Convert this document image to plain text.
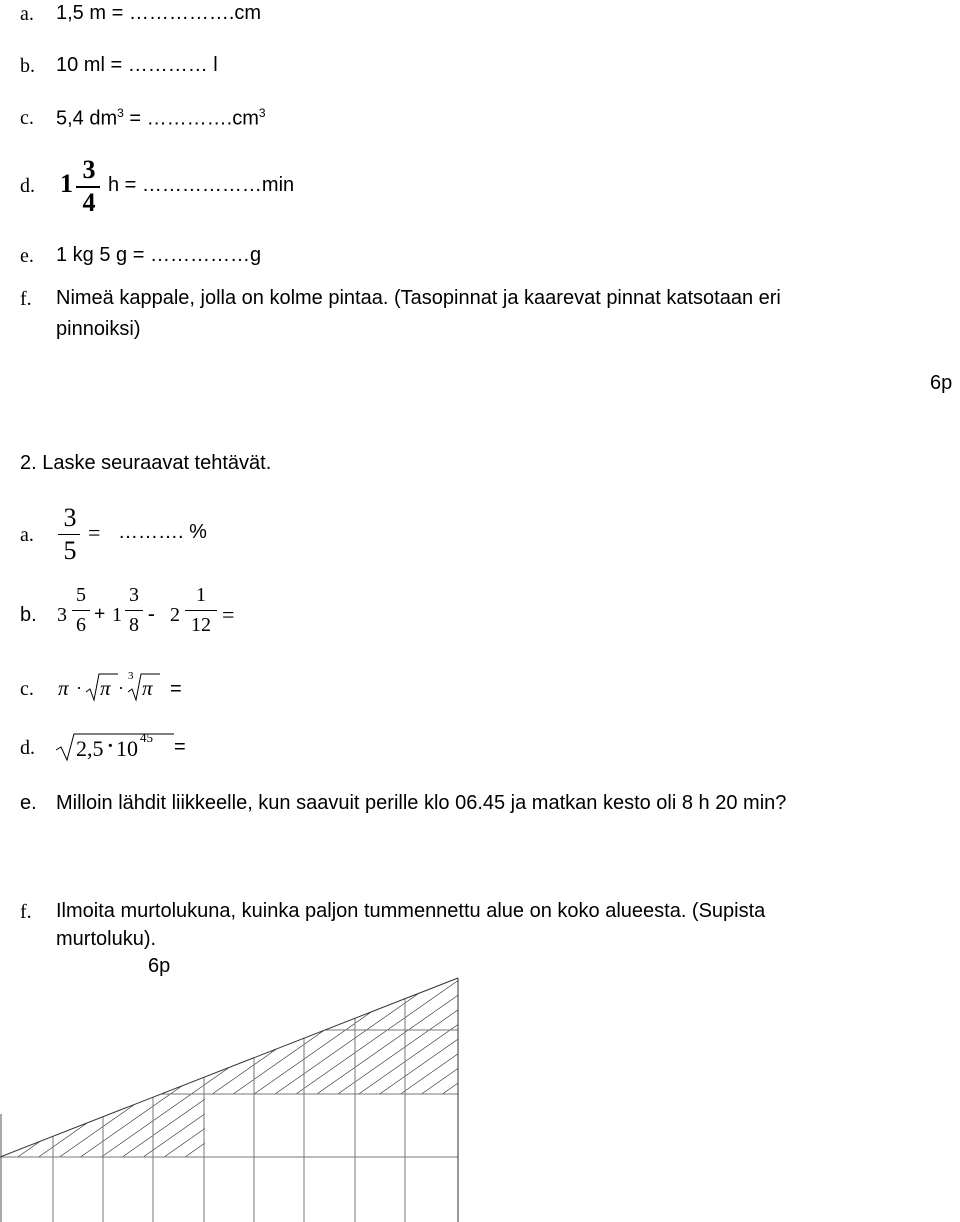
a. 1,5 m = …………….cm
b. 10 ml = ………… l
c. 5,4 $dm^3$ = $\dots\dots\dots\dots.cm^3$
d. 1 3
4
h = ………………min
e. 1 kg 5 g = ……………g
f. Nimeä kappale, jolla on kolme pintaa. (Tasopinnat ja kaarevat pinnat katsotaan eri
pinnoiksi)
6p
2. Laske seuraavat tehtävät.
a.
3
5
= ………. %
b. 3
5
6 + 1
3
8 - 2
1
12 =
c. π · π ·
3 π =
d. 2,5 · 10 45 =
e. Milloin lähdit liikkeelle, kun saavuit perille klo 06.45 ja matkan kesto oli 8 h 20 min?
f. Ilmoita murtolukuna, kuinka paljon tummennettu alue on koko alueesta. (Supista
murtoluku).
6p
